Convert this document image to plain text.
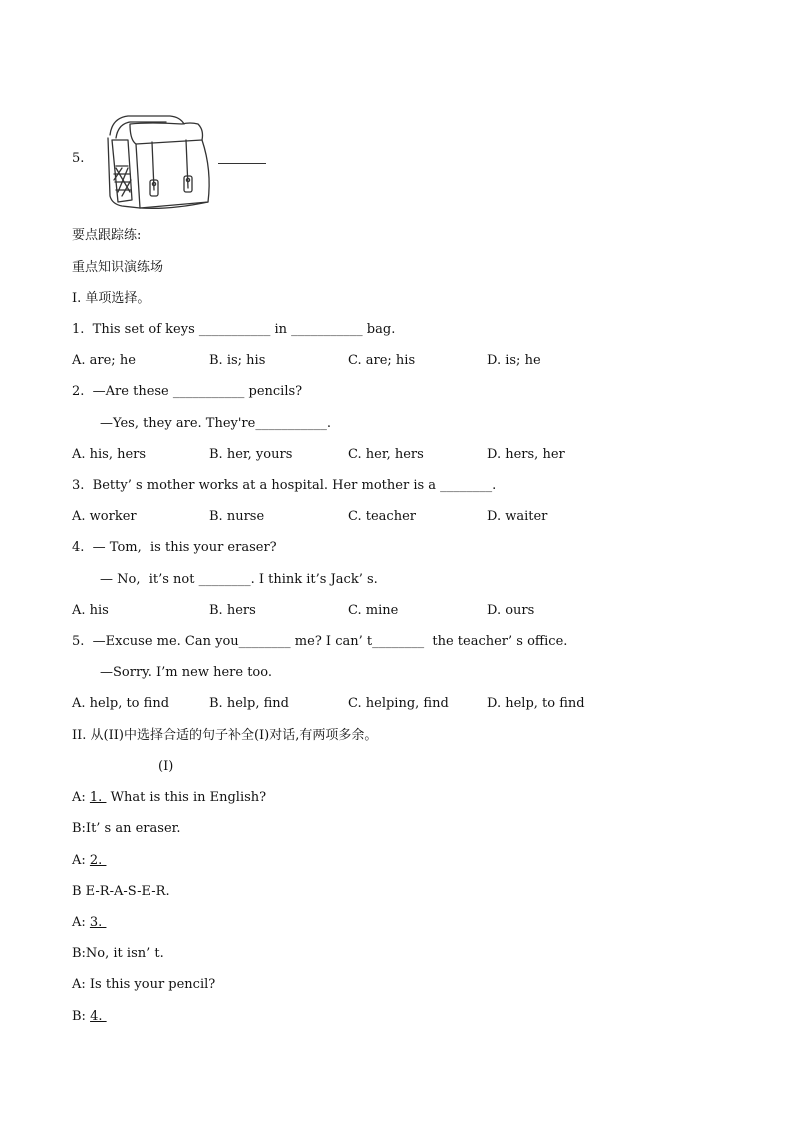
5.
要点跟踪练:
重点知识演练场
I. 单项选择。
1.  This set of keys ___________ in ___________ bag.
A. are; he	B. is; his	C. are; his	D. is; he
2.  —Are these ___________ pencils?
—Yes, they are. They're___________.
A. his, hers	B. her, yours	C. her, hers	D. hers, her
3.  Betty’ s mother works at a hospital. Her mother is a ________.
A. worker	B. nurse	C. teacher	D. waiter
4.  — Tom,  is this your eraser?
— No,  it’s not ________. I think it’s Jack’ s.
A. his	B. hers	C. mine	D. ours
5.  —Excuse me. Can you________ me? I can’ t________  the teacher’ s office.
—Sorry. I’m new here too.
A. help, to find	B. help, find	C. helping, find	D. help, to find
II. 从(II)中选择合适的句子补全(I)对话,有两项多余。
(I)
A: 1.  What is this in English?
B:It’ s an eraser.
A: 2.
B E-R-A-S-E-R.
A: 3.
B:No, it isn’ t.
A: Is this your pencil?
B: 4.
